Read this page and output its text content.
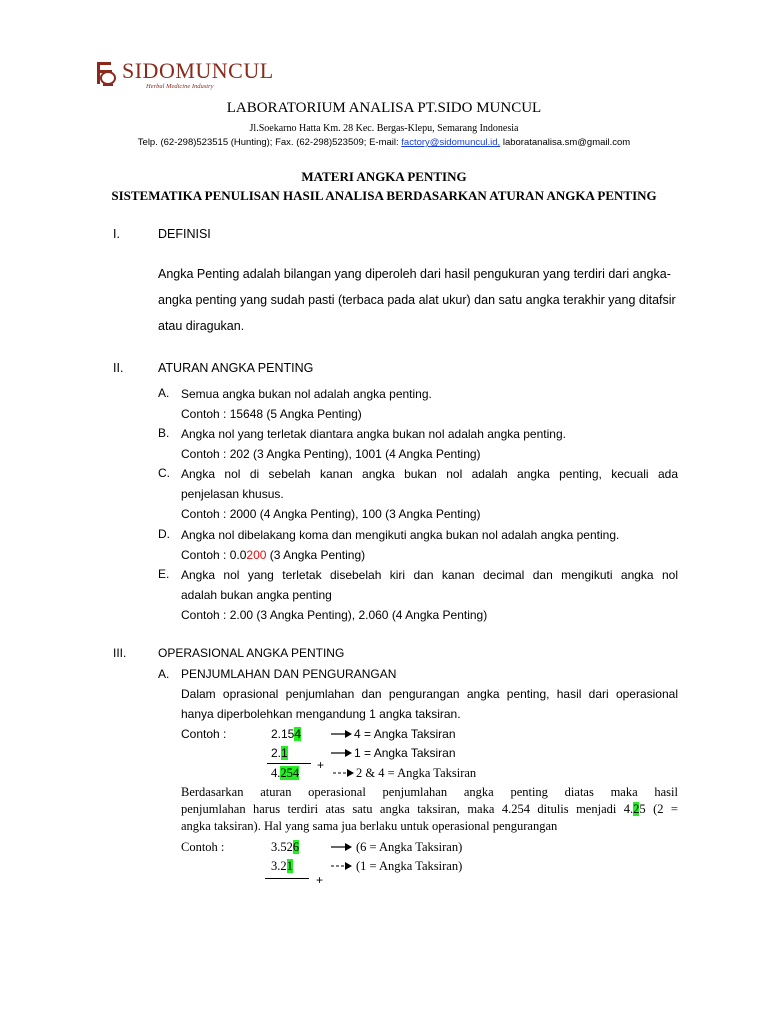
SIDOMUNCUL
Herbal Medicine Industry
LABORATORIUM ANALISA PT.SIDO MUNCUL
Jl.Soekarno Hatta Km. 28 Kec. Bergas-Klepu, Semarang Indonesia
Telp. (62-298)523515 (Hunting); Fax. (62-298)523509; E-mail: factory@sidomuncul.id, laboratanalisa.sm@gmail.com
MATERI ANGKA PENTING
SISTEMATIKA PENULISAN HASIL ANALISA BERDASARKAN ATURAN ANGKA PENTING
I.	DEFINISI
Angka Penting adalah bilangan yang diperoleh dari hasil pengukuran yang terdiri dari angka-
angka penting yang sudah pasti (terbaca pada alat ukur) dan satu angka terakhir yang ditafsir
atau diragukan.
II.	ATURAN ANGKA PENTING
A. Semua angka bukan nol adalah angka penting.
Contoh : 15648 (5 Angka Penting)
B. Angka nol yang terletak diantara angka bukan nol adalah angka penting.
Contoh : 202 (3 Angka Penting), 1001 (4 Angka Penting)
C. Angka nol di sebelah kanan angka bukan nol adalah angka penting, kecuali ada
penjelasan khusus.
Contoh : 2000 (4 Angka Penting), 100 (3 Angka Penting)
D. Angka nol dibelakang koma dan mengikuti angka bukan nol adalah angka penting.
Contoh : 0.0200 (3 Angka Penting)
E. Angka nol yang terletak disebelah kiri dan kanan decimal dan mengikuti angka nol
adalah bukan angka penting
Contoh : 2.00 (3 Angka Penting), 2.060 (4 Angka Penting)
III.	OPERASIONAL ANGKA PENTING
A. PENJUMLAHAN DAN PENGURANGAN
Dalam oprasional penjumlahan dan pengurangan angka penting, hasil dari operasional
hanya diperbolehkan mengandung 1 angka taksiran.
Contoh :	2.154	4 = Angka Taksiran
2.1	1 = Angka Taksiran
+
4.254	2 & 4 = Angka Taksiran
Berdasarkan aturan operasional penjumlahan angka penting diatas maka hasil
penjumlahan harus terdiri atas satu angka taksiran, maka 4.254 ditulis menjadi 4.25 (2 =
angka taksiran). Hal yang sama jua berlaku untuk operasional pengurangan
Contoh :	3.526	(6 = Angka Taksiran)
3.21	(1 = Angka Taksiran)
+
